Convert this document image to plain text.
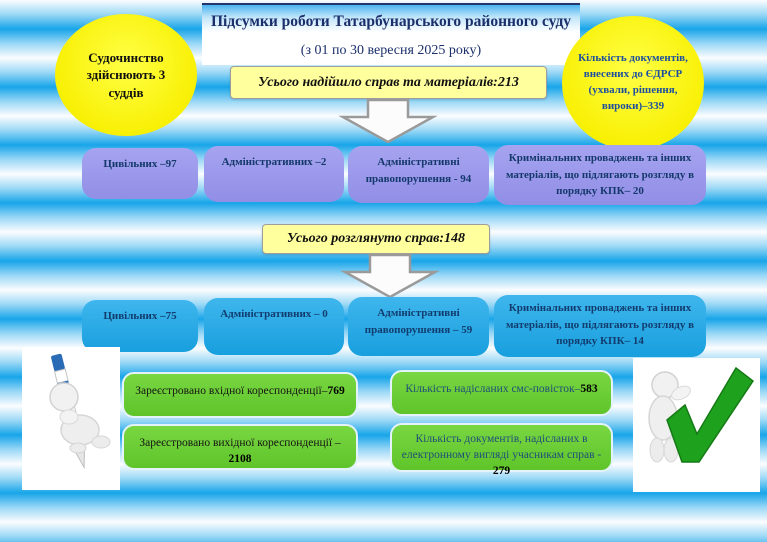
Підсумки роботи Татарбунарського районного суду
(з 01 по 30 вересня 2025 року)
Судочинство здійснюють 3 суддів
Кількість документів, внесених до ЄДРСР (ухвали, рішення, вироки)–339
Усього надійшло справ та матеріалів:213
Цивільних –97	Адміністративних –2	Адміністративні правопорушення - 94
Кримінальних проваджень та інших матеріалів, що підлягають розгляду в порядку КПК– 20
Усього розглянуто справ:148
Цивільних –75	Адміністративних – 0	Адміністративні правопорушення – 59
Кримінальних проваджень та інших матеріалів, що підлягають розгляду в порядку КПК– 14
Зареєстровано вхідної кореспонденції–769
Зареєстровано вихідної кореспонденції –2108
Кількість надісланих смс-повісток–583
Кількість документів, надісланих в електронному вигляді учасникам справ - 279
